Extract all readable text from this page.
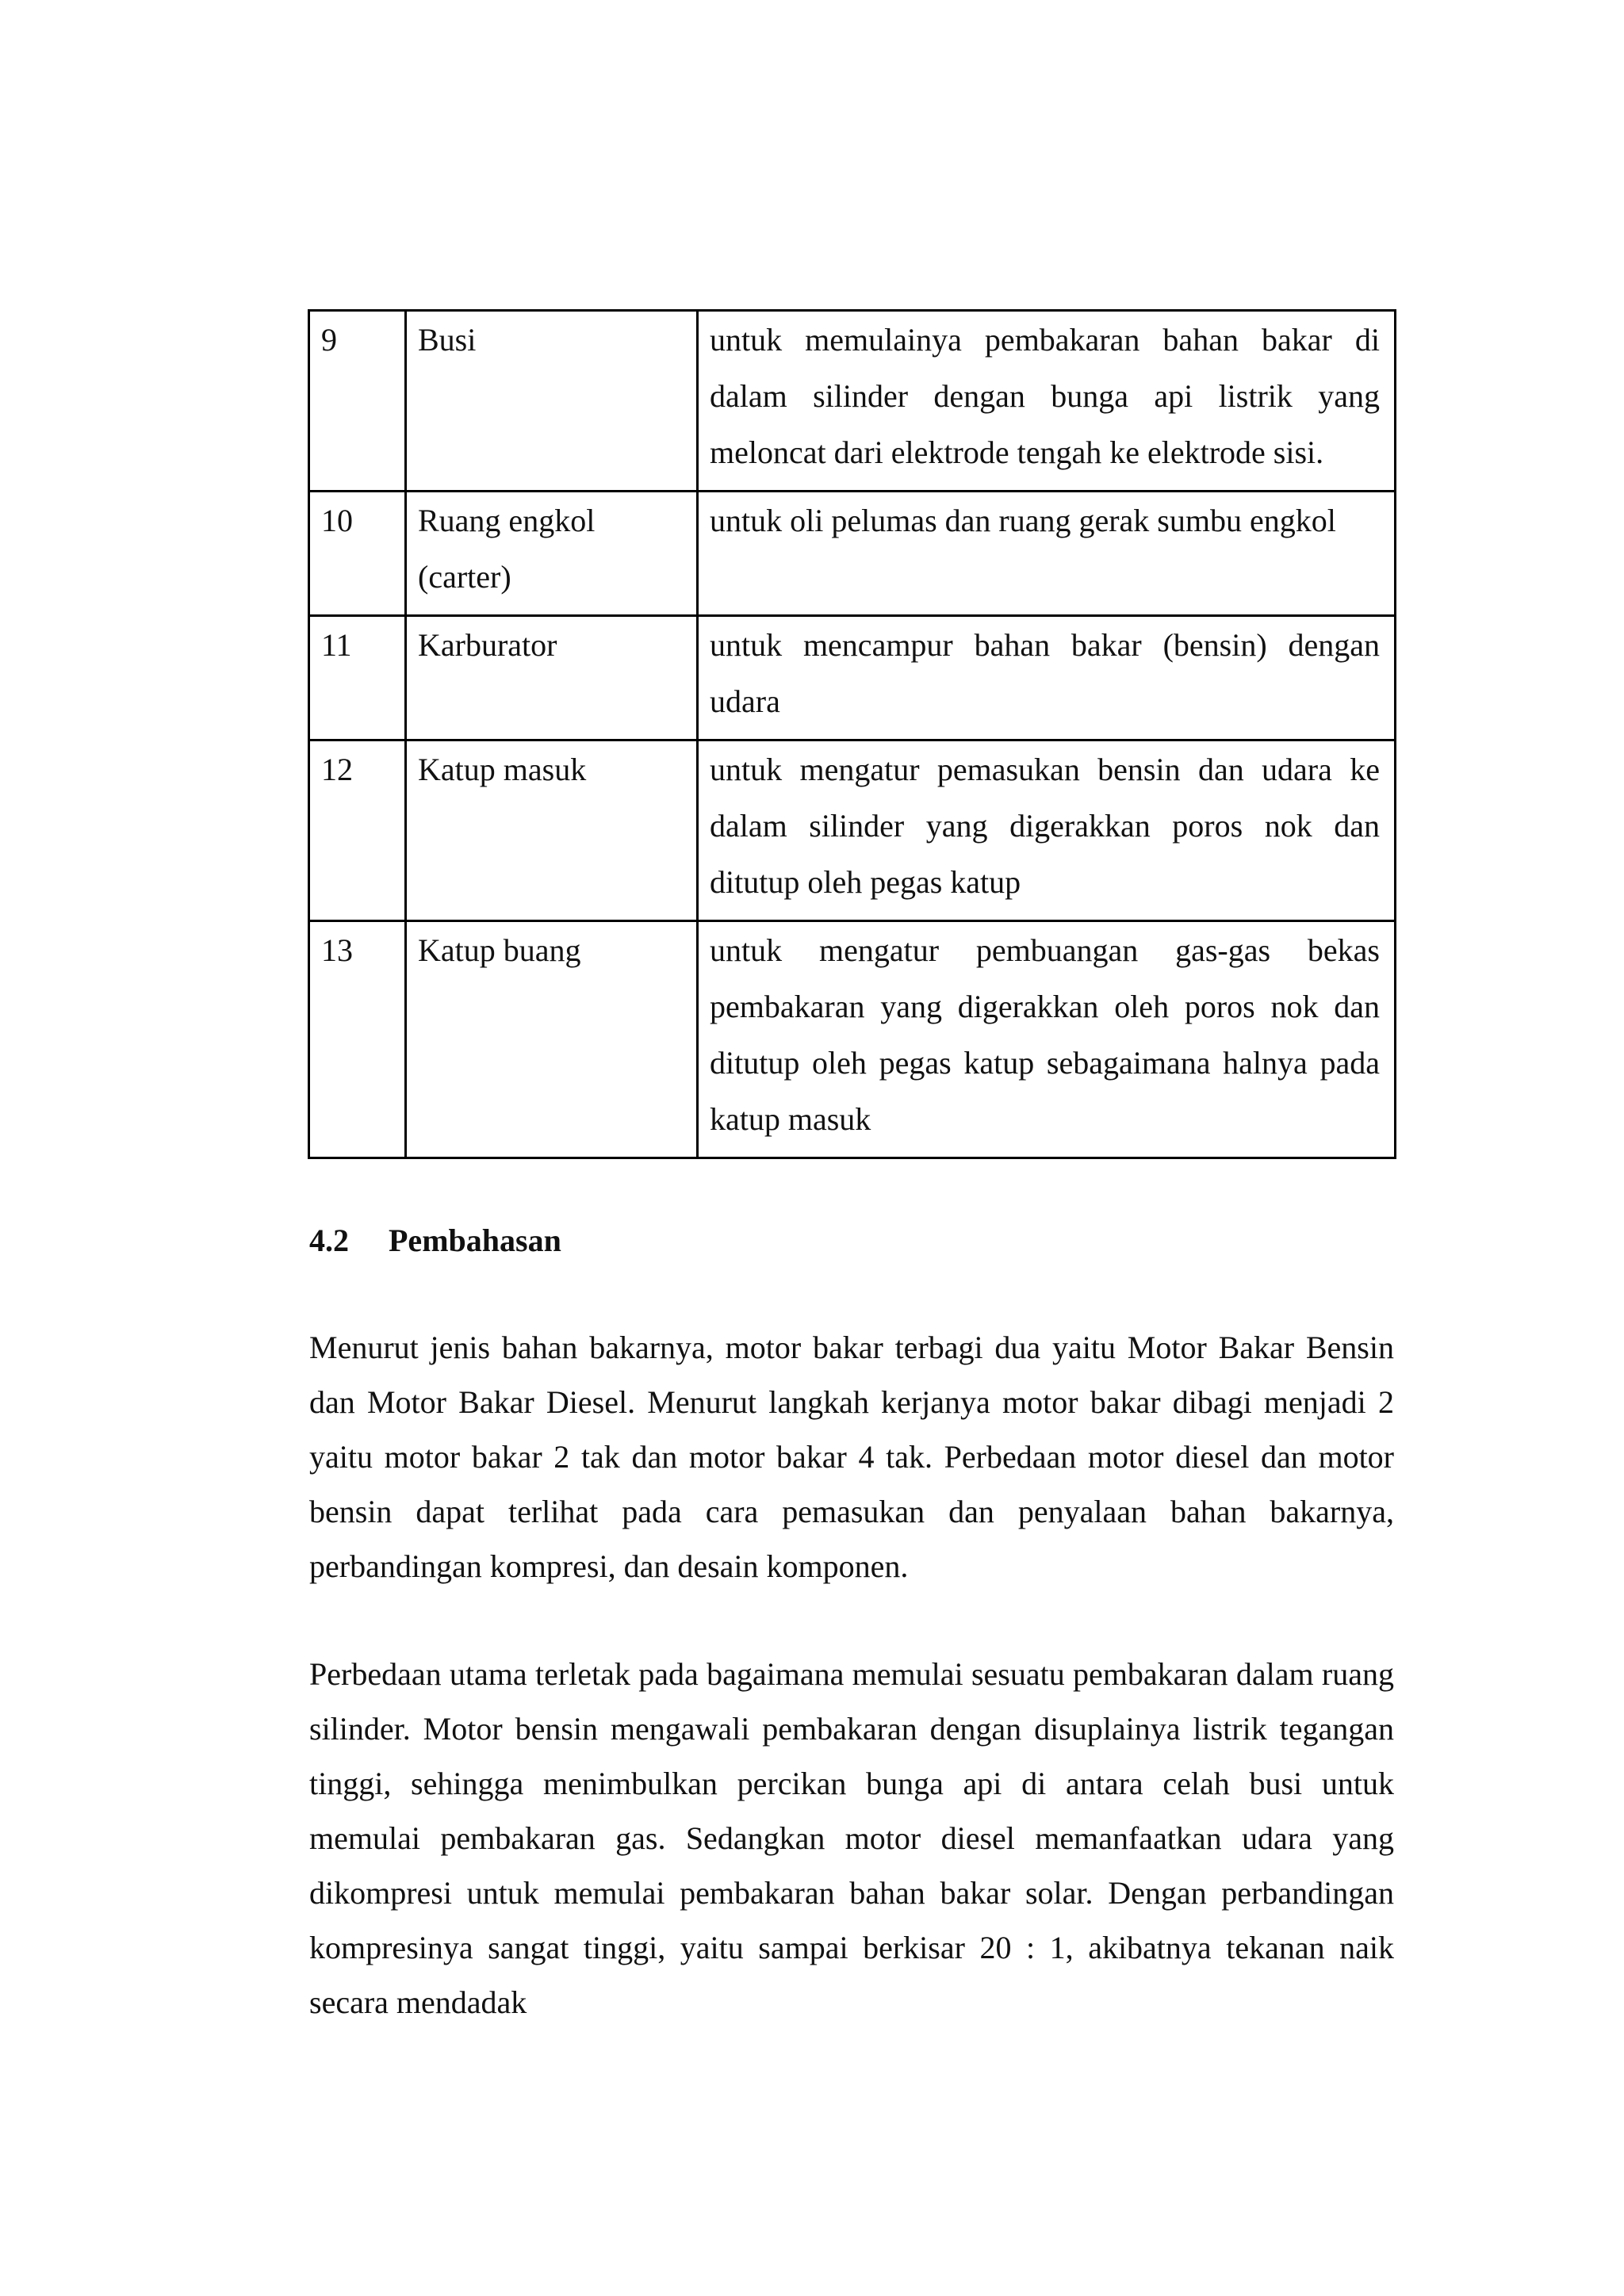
9	Busi	untuk memulainya pembakaran bahan bakar di dalam silinder dengan bunga api listrik yang meloncat dari elektrode tengah ke elektrode sisi.
10	Ruang engkol (carter)	untuk oli pelumas dan ruang gerak sumbu engkol
11	Karburator	untuk mencampur bahan bakar (bensin) dengan udara
12	Katup masuk	untuk mengatur pemasukan bensin dan udara ke dalam silinder yang digerakkan poros nok dan ditutup oleh pegas katup
13	Katup buang	untuk mengatur pembuangan gas-gas bekas pembakaran yang digerakkan oleh poros nok dan ditutup oleh pegas katup sebagaimana halnya pada katup masuk
4.2 Pembahasan

Menurut jenis bahan bakarnya, motor bakar terbagi dua yaitu Motor Bakar Bensin dan Motor Bakar Diesel. Menurut langkah kerjanya motor bakar dibagi menjadi 2 yaitu motor bakar 2 tak dan motor bakar 4 tak. Perbedaan motor diesel dan motor bensin dapat terlihat pada cara pemasukan dan penyalaan bahan bakarnya, perbandingan kompresi, dan desain komponen.

Perbedaan utama terletak pada bagaimana memulai sesuatu pembakaran dalam ruang silinder. Motor bensin mengawali pembakaran dengan disuplainya listrik tegangan tinggi, sehingga menimbulkan percikan bunga api di antara celah busi untuk memulai pembakaran gas. Sedangkan motor diesel memanfaatkan udara yang dikompresi untuk memulai pembakaran bahan bakar solar. Dengan perbandingan kompresinya sangat tinggi, yaitu sampai berkisar 20 : 1, akibatnya tekanan naik secara mendadak
